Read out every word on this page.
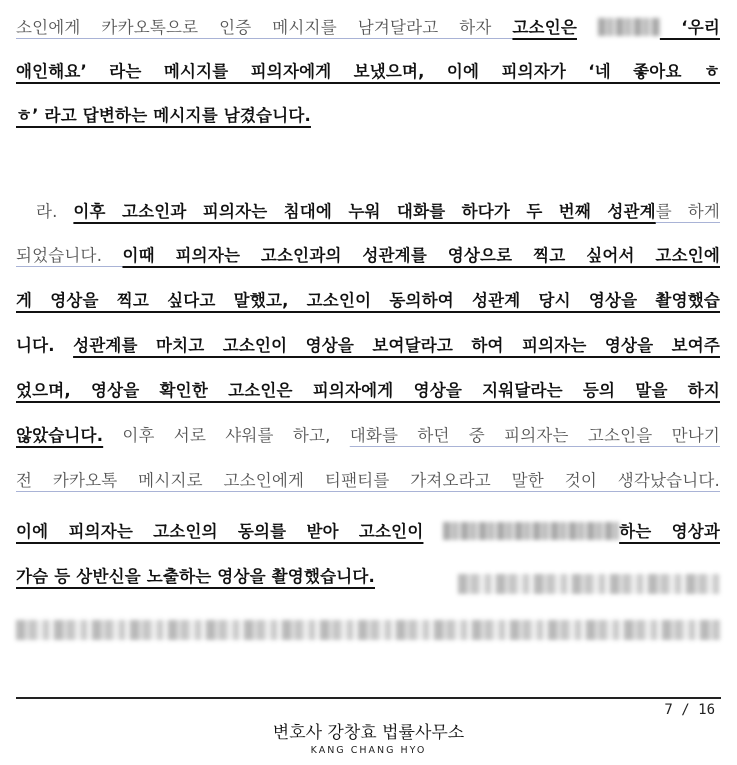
소인에게 카카오톡으로 인증 메시지를 남겨달라고 하자 고소인은	‘우리
애인해요’ 라는 메시지를 피의자에게 보냈으며, 이에 피의자가 ‘네 좋아요 ㅎ
ㅎ’ 라고 답변하는 메시지를 남겼습니다.
라. 이후 고소인과 피의자는 침대에 누워 대화를 하다가 두 번째 성관계를 하게
되었습니다. 이때 피의자는 고소인과의 성관계를 영상으로 찍고 싶어서 고소인에
게 영상을 찍고 싶다고 말했고, 고소인이 동의하여 성관계 당시 영상을 촬영했습
니다. 성관계를 마치고 고소인이 영상을 보여달라고 하여 피의자는 영상을 보여주
었으며, 영상을 확인한 고소인은 피의자에게 영상을 지워달라는 등의 말을 하지
않았습니다. 이후 서로 샤워를 하고, 대화를 하던 중 피의자는 고소인을 만나기
전 카카오톡 메시지로 고소인에게 티팬티를 가져오라고 말한 것이 생각났습니다.
이에 피의자는 고소인의 동의를 받아 고소인이	하는 영상과
가슴 등 상반신을 노출하는 영상을 촬영했습니다.
7 / 16
변호사 강창효 법률사무소
KANG CHANG HYO
